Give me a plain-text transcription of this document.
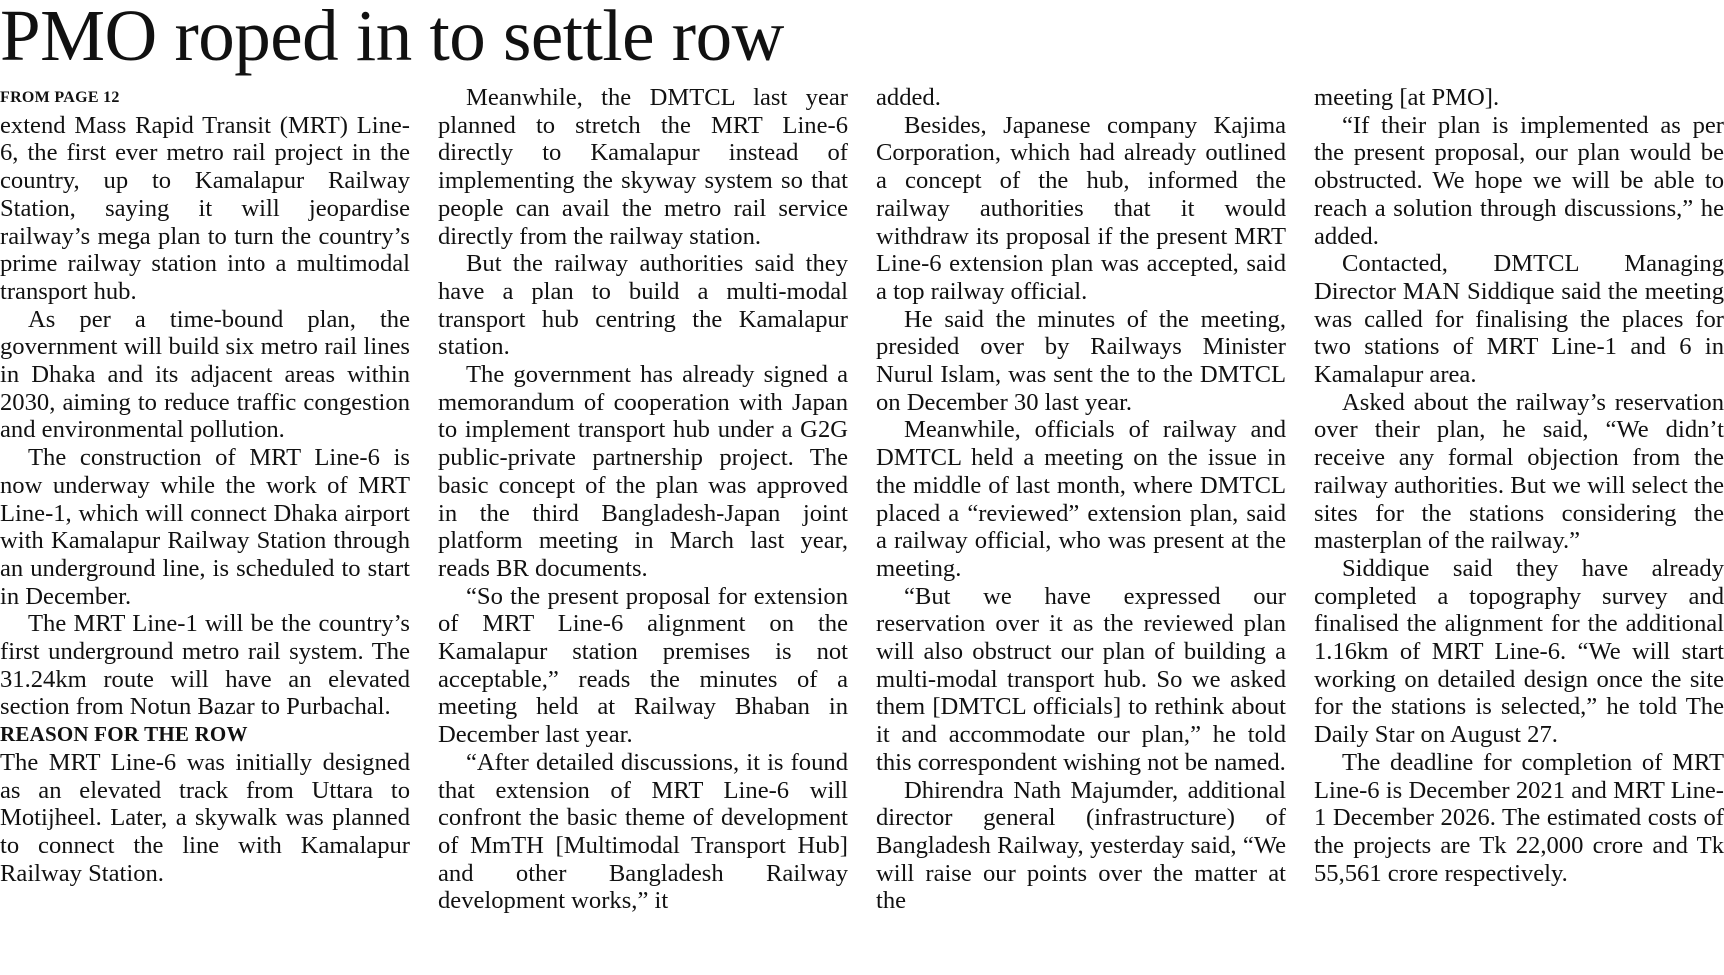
PMO roped in to settle row
FROM PAGE 12

extend Mass Rapid Transit (MRT) Line-6, the first ever metro rail project in the country, up to Kamalapur Railway Station, saying it will jeopardise railway’s mega plan to turn the country’s prime railway station into a multimodal transport hub.

As per a time-bound plan, the government will build six metro rail lines in Dhaka and its adjacent areas within 2030, aiming to reduce traffic congestion and environmental pollution.

The construction of MRT Line-6 is now underway while the work of MRT Line-1, which will connect Dhaka airport with Kamalapur Railway Station through an underground line, is scheduled to start in December.

The MRT Line-1 will be the country’s first underground metro rail system. The 31.24km route will have an elevated section from Notun Bazar to Purbachal.

REASON FOR THE ROW

The MRT Line-6 was initially designed as an elevated track from Uttara to Motijheel. Later, a skywalk was planned to connect the line with Kamalapur Railway Station.

Meanwhile, the DMTCL last year planned to stretch the MRT Line-6 directly to Kamalapur instead of implementing the skyway system so that people can avail the metro rail service directly from the railway station.

But the railway authorities said they have a plan to build a multi-modal transport hub centring the Kamalapur station.

The government has already signed a memorandum of cooperation with Japan to implement transport hub under a G2G public-private partnership project. The basic concept of the plan was approved in the third Bangladesh-Japan joint platform meeting in March last year, reads BR documents.

“So the present proposal for extension of MRT Line-6 alignment on the Kamalapur station premises is not acceptable,” reads the minutes of a meeting held at Railway Bhaban in December last year.

“After detailed discussions, it is found that extension of MRT Line-6 will confront the basic theme of development of MmTH [Multimodal Transport Hub] and other Bangladesh Railway development works,” it

added.

Besides, Japanese company Kajima Corporation, which had already outlined a concept of the hub, informed the railway authorities that it would withdraw its proposal if the present MRT Line-6 extension plan was accepted, said a top railway official.

He said the minutes of the meeting, presided over by Railways Minister Nurul Islam, was sent the to the DMTCL on December 30 last year.

Meanwhile, officials of railway and DMTCL held a meeting on the issue in the middle of last month, where DMTCL placed a “reviewed” extension plan, said a railway official, who was present at the meeting.

“But we have expressed our reservation over it as the reviewed plan will also obstruct our plan of building a multi-modal transport hub. So we asked them [DMTCL officials] to rethink about it and accommodate our plan,” he told this correspondent wishing not be named.

Dhirendra Nath Majumder, additional director general (infrastructure) of Bangladesh Railway, yesterday said, “We will raise our points over the matter at the

meeting [at PMO].

“If their plan is implemented as per the present proposal, our plan would be obstructed. We hope we will be able to reach a solution through discussions,” he added.

Contacted, DMTCL Managing Director MAN Siddique said the meeting was called for finalising the places for two stations of MRT Line-1 and 6 in Kamalapur area.

Asked about the railway’s reservation over their plan, he said, “We didn’t receive any formal objection from the railway authorities. But we will select the sites for the stations considering the masterplan of the railway.”

Siddique said they have already completed a topography survey and finalised the alignment for the additional 1.16km of MRT Line-6. “We will start working on detailed design once the site for the stations is selected,” he told The Daily Star on August 27.

The deadline for completion of MRT Line-6 is December 2021 and MRT Line-1 December 2026. The estimated costs of the projects are Tk 22,000 crore and Tk 55,561 crore respectively.
